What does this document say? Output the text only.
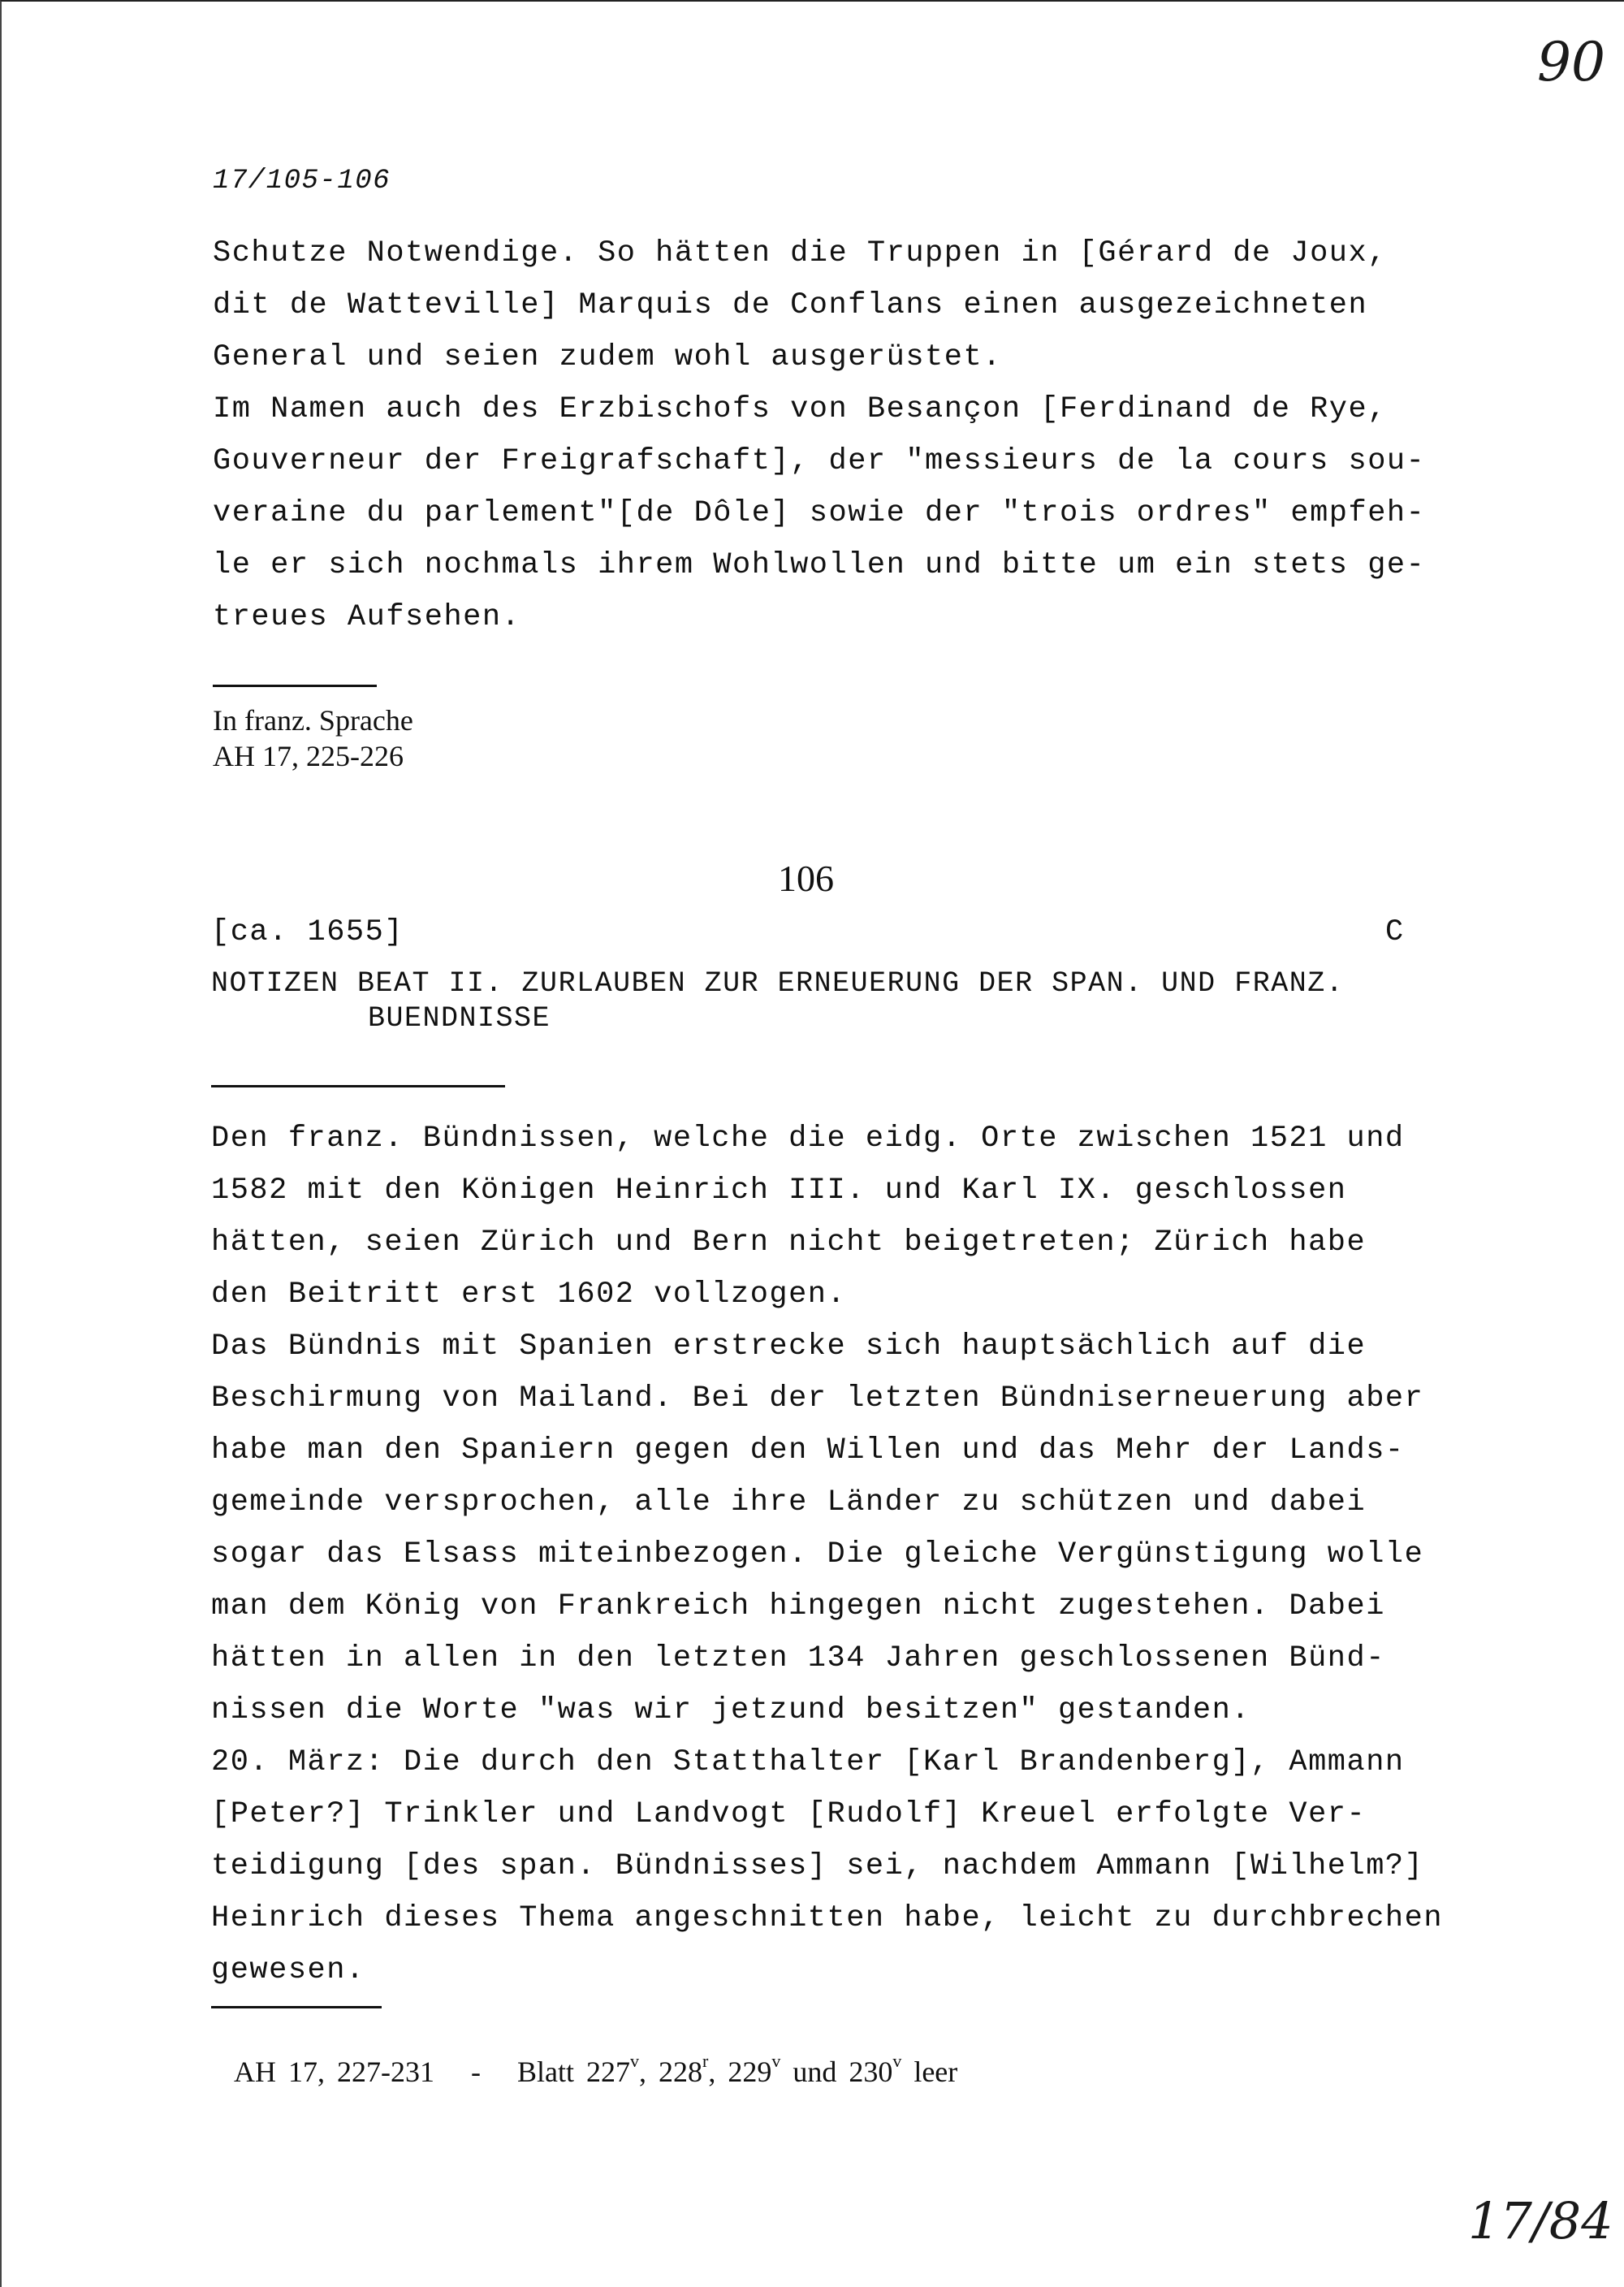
90
17/105-106
Schutze Notwendige. So hätten die Truppen in [Gérard de Joux,
dit de Watteville] Marquis de Conflans einen ausgezeichneten
General und seien zudem wohl ausgerüstet.
Im Namen auch des Erzbischofs von Besançon [Ferdinand de Rye,
Gouverneur der Freigrafschaft], der "messieurs de la cours sou-
veraine du parlement"[de Dôle] sowie der "trois ordres" empfeh-
le er sich nochmals ihrem Wohlwollen und bitte um ein stets ge-
treues Aufsehen.
In franz. Sprache
AH 17, 225-226
106
[ca. 1655]	C
NOTIZEN BEAT II. ZURLAUBEN ZUR ERNEUERUNG DER SPAN. UND FRANZ.
BUENDNISSE
Den franz. Bündnissen, welche die eidg. Orte zwischen 1521 und
1582 mit den Königen Heinrich III. und Karl IX. geschlossen
hätten, seien Zürich und Bern nicht beigetreten; Zürich habe
den Beitritt erst 1602 vollzogen.
Das Bündnis mit Spanien erstrecke sich hauptsächlich auf die
Beschirmung von Mailand. Bei der letzten Bündniserneuerung aber
habe man den Spaniern gegen den Willen und das Mehr der Lands-
gemeinde versprochen, alle ihre Länder zu schützen und dabei
sogar das Elsass miteinbezogen. Die gleiche Vergünstigung wolle
man dem König von Frankreich hingegen nicht zugestehen. Dabei
hätten in allen in den letzten 134 Jahren geschlossenen Bünd-
nissen die Worte "was wir jetzund besitzen" gestanden.
20. März: Die durch den Statthalter [Karl Brandenberg], Ammann
[Peter?] Trinkler und Landvogt [Rudolf] Kreuel erfolgte Ver-
teidigung [des span. Bündnisses] sei, nachdem Ammann [Wilhelm?]
Heinrich dieses Thema angeschnitten habe, leicht zu durchbrechen
gewesen.

AH 17, 227-231 - Blatt 227$^v$, 228$^r$, 229$^v$ und 230$^v$ leer

17/84
